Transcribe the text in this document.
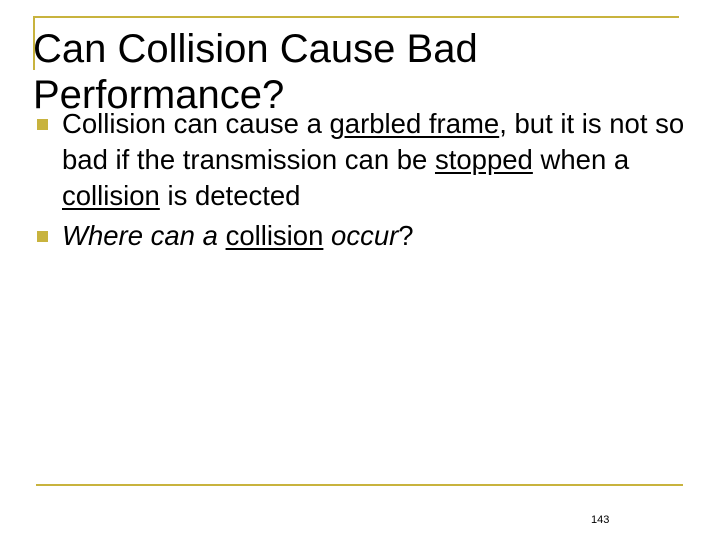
Can Collision Cause Bad Performance?
Collision can cause a garbled frame, but it is not so bad if the transmission can be stopped when a collision is detected
Where can a collision occur?
143
